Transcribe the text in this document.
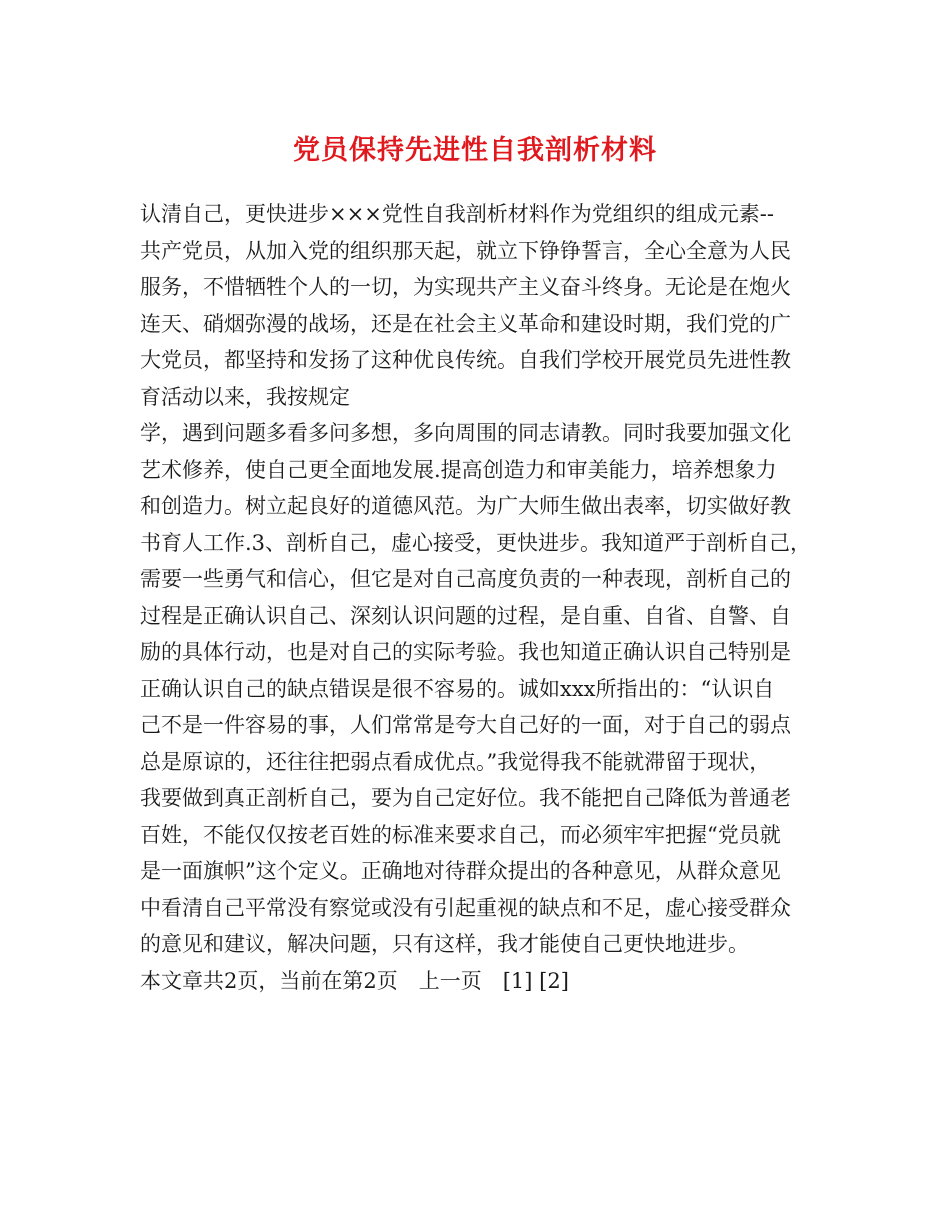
党员保持先进性自我剖析材料
认清自己，更快进步×××党性自我剖析材料作为党组织的组成元素--
共产党员，从加入党的组织那天起，就立下铮铮誓言，全心全意为人民
服务，不惜牺牲个人的一切，为实现共产主义奋斗终身。无论是在炮火
连天、硝烟弥漫的战场，还是在社会主义革命和建设时期，我们党的广
大党员，都坚持和发扬了这种优良传统。自我们学校开展党员先进性教
育活动以来，我按规定
学，遇到问题多看多问多想，多向周围的同志请教。同时我要加强文化
艺术修养，使自己更全面地发展.提高创造力和审美能力，培养想象力
和创造力。树立起良好的道德风范。为广大师生做出表率，切实做好教
书育人工作.3、剖析自己，虚心接受，更快进步。我知道严于剖析自己，
需要一些勇气和信心，但它是对自己高度负责的一种表现，剖析自己的
过程是正确认识自己、深刻认识问题的过程，是自重、自省、自警、自
励的具体行动，也是对自己的实际考验。我也知道正确认识自己特别是
正确认识自己的缺点错误是很不容易的。诚如xxx所指出的：“认识自
己不是一件容易的事，人们常常是夸大自己好的一面，对于自己的弱点
总是原谅的，还往往把弱点看成优点。”我觉得我不能就滞留于现状，
我要做到真正剖析自己，要为自己定好位。我不能把自己降低为普通老
百姓，不能仅仅按老百姓的标准来要求自己，而必须牢牢把握“党员就
是一面旗帜”这个定义。正确地对待群众提出的各种意见，从群众意见
中看清自己平常没有察觉或没有引起重视的缺点和不足，虚心接受群众
的意见和建议，解决问题，只有这样，我才能使自己更快地进步。
本文章共2页，当前在第2页　上一页　[1] [2]
